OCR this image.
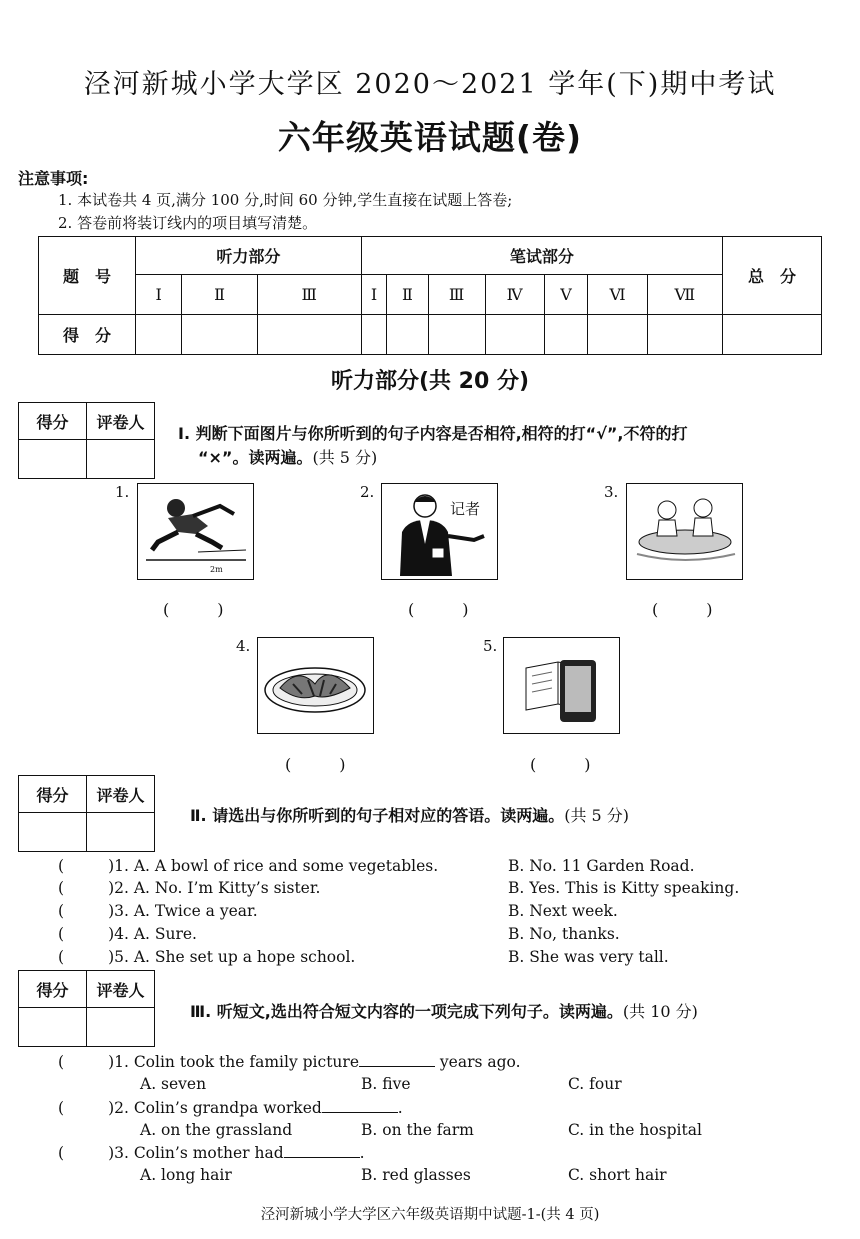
泾河新城小学大学区 2020～2021 学年(下)期中考试
六年级英语试题(卷)
注意事项:
1. 本试卷共 4 页,满分 100 分,时间 60 分钟,学生直接在试题上答卷;
2. 答卷前将装订线内的项目填写清楚。
题　号	听力部分			笔试部分							总　分
	Ⅰ	Ⅱ	Ⅲ	Ⅰ	Ⅱ	Ⅲ	Ⅳ	Ⅴ	Ⅵ	Ⅶ	
得　分											
听力部分(共 20 分)
得分	评卷人

Ⅰ. 判断下面图片与你所听到的句子内容是否相符,相符的打“√”,不符的打
“×”。读两遍。(共 5 分)
1.
2m
(　　　)
2.
记者
(　　　)
3.
(　　　)
4.
(　　　)
5.
(　　　)
得分	评卷人

Ⅱ. 请选出与你所听到的句子相对应的答语。读两遍。(共 5 分)
(	)1. A. A bowl of rice and some vegetables.	B. No. 11 Garden Road.
(	)2. A. No. I’m Kitty’s sister.	B. Yes. This is Kitty speaking.
(	)3. A. Twice a year.	B. Next week.
(	)4. A. Sure.	B. No, thanks.
(	)5. A. She set up a hope school.	B. She was very tall.
得分	评卷人

Ⅲ. 听短文,选出符合短文内容的一项完成下列句子。读两遍。(共 10 分)
(	)1. Colin took the family picture	years ago.
A. seven	B. five	C. four
(	)2. Colin’s grandpa worked	.
A. on the grassland	B. on the farm	C. in the hospital
(	)3. Colin’s mother had	.
A. long hair	B. red glasses	C. short hair
泾河新城小学大学区六年级英语期中试题-1-(共 4 页)
